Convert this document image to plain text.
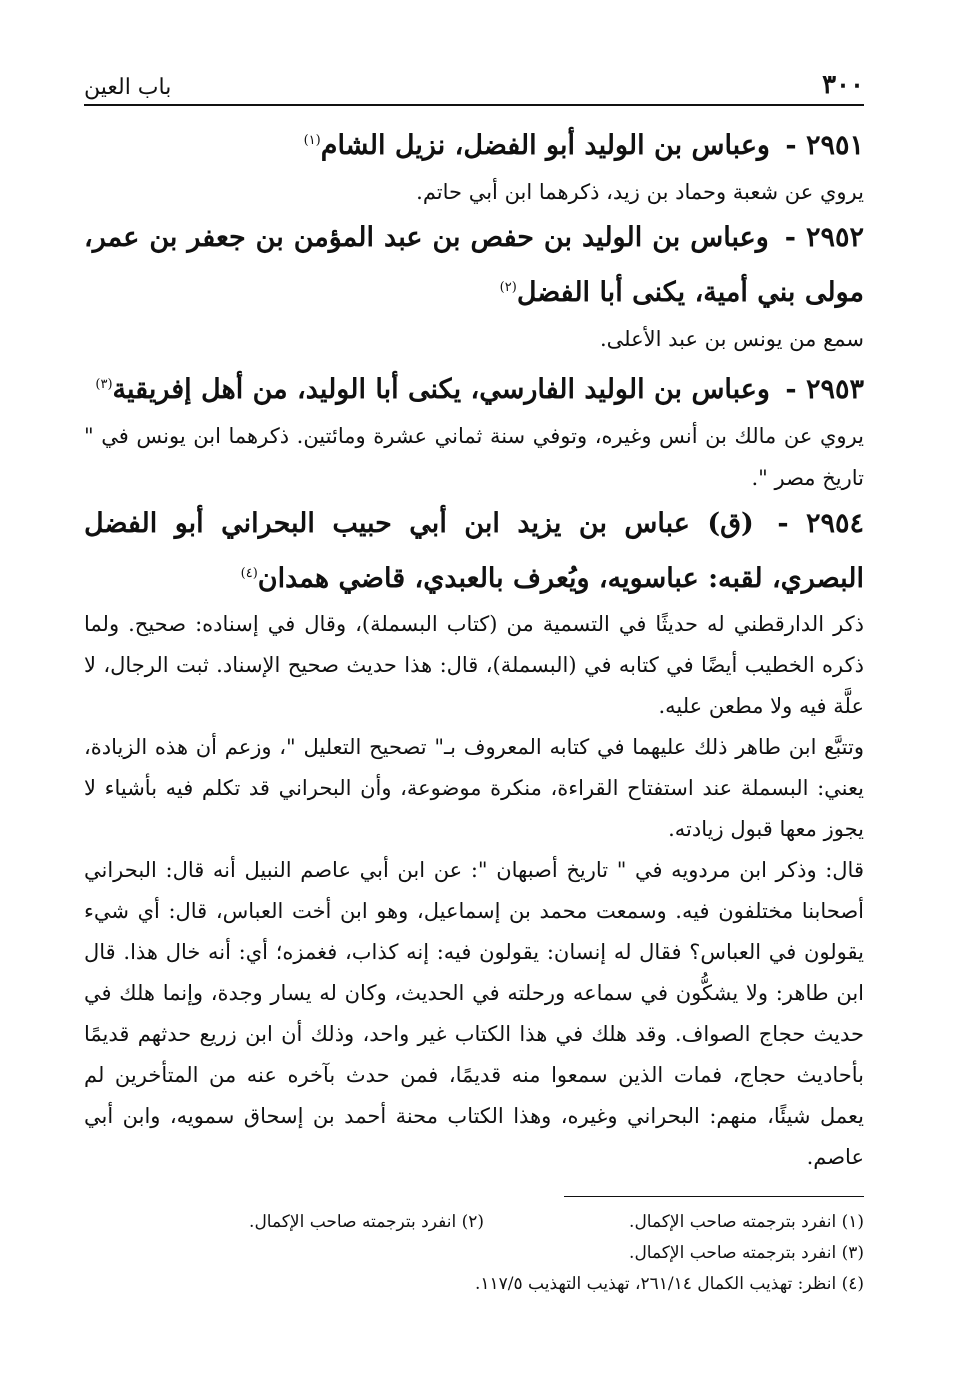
٣٠٠
باب العين

٢٩٥١ - وعباس بن الوليد أبو الفضل، نزيل الشام$^{(١)}$

يروي عن شعبة وحماد بن زيد، ذكرهما ابن أبي حاتم.

٢٩٥٢ - وعباس بن الوليد بن حفص بن عبد المؤمن بن جعفر بن عمر، مولى بني أمية، يكنى أبا الفضل$^{(٢)}$

سمع من يونس بن عبد الأعلى.

٢٩٥٣ - وعباس بن الوليد الفارسي، يكنى أبا الوليد، من أهل إفريقية$^{(٣)}$

يروي عن مالك بن أنس وغيره، وتوفي سنة ثماني عشرة ومائتين. ذكرهما ابن يونس في " تاريخ مصر ".

٢٩٥٤ - (ق) عباس بن يزيد ابن أبي حبيب البحراني أبو الفضل البصري، لقبه: عباسويه، ويُعرف بالعبدي، قاضي همدان$^{(٤)}$

ذكر الدارقطني له حديثًا في التسمية من (كتاب البسملة)، وقال في إسناده: صحيح. ولما ذكره الخطيب أيضًا في كتابه في (البسملة)، قال: هذا حديث صحيح الإسناد. ثبت الرجال، لا علَّة فيه ولا مطعن عليه.

وتتبَّع ابن طاهر ذلك عليهما في كتابه المعروف بـ" تصحيح التعليل "، وزعم أن هذه الزيادة، يعني: البسملة عند استفتاح القراءة، منكرة موضوعة، وأن البحراني قد تكلم فيه بأشياء لا يجوز معها قبول زيادته.

قال: وذكر ابن مردويه في " تاريخ أصبهان ": عن ابن أبي عاصم النبيل أنه قال: البحراني أصحابنا مختلفون فيه. وسمعت محمد بن إسماعيل، وهو ابن أخت العباس، قال: أي شيء يقولون في العباس؟ فقال له إنسان: يقولون فيه: إنه كذاب، فغمزه؛ أي: أنه خال هذا. قال ابن طاهر: ولا يشكُّون في سماعه ورحلته في الحديث، وكان له يسار وجدة، وإنما هلك في حديث حجاج الصواف. وقد هلك في هذا الكتاب غير واحد، وذلك أن ابن زريع حدثهم قديمًا بأحاديث حجاج، فمات الذين سمعوا منه قديمًا، فمن حدث بآخره عنه من المتأخرين لم يعمل شيئًا، منهم: البحراني وغيره، وهذا الكتاب محنة أحمد بن إسحاق سمويه، وابن أبي عاصم.

(١) انفرد بترجمته صاحب الإكمال.

(٢) انفرد بترجمته صاحب الإكمال.

(٣) انفرد بترجمته صاحب الإكمال.

(٤) انظر: تهذيب الكمال ٢٦١/١٤، تهذيب التهذيب ١١٧/٥.
